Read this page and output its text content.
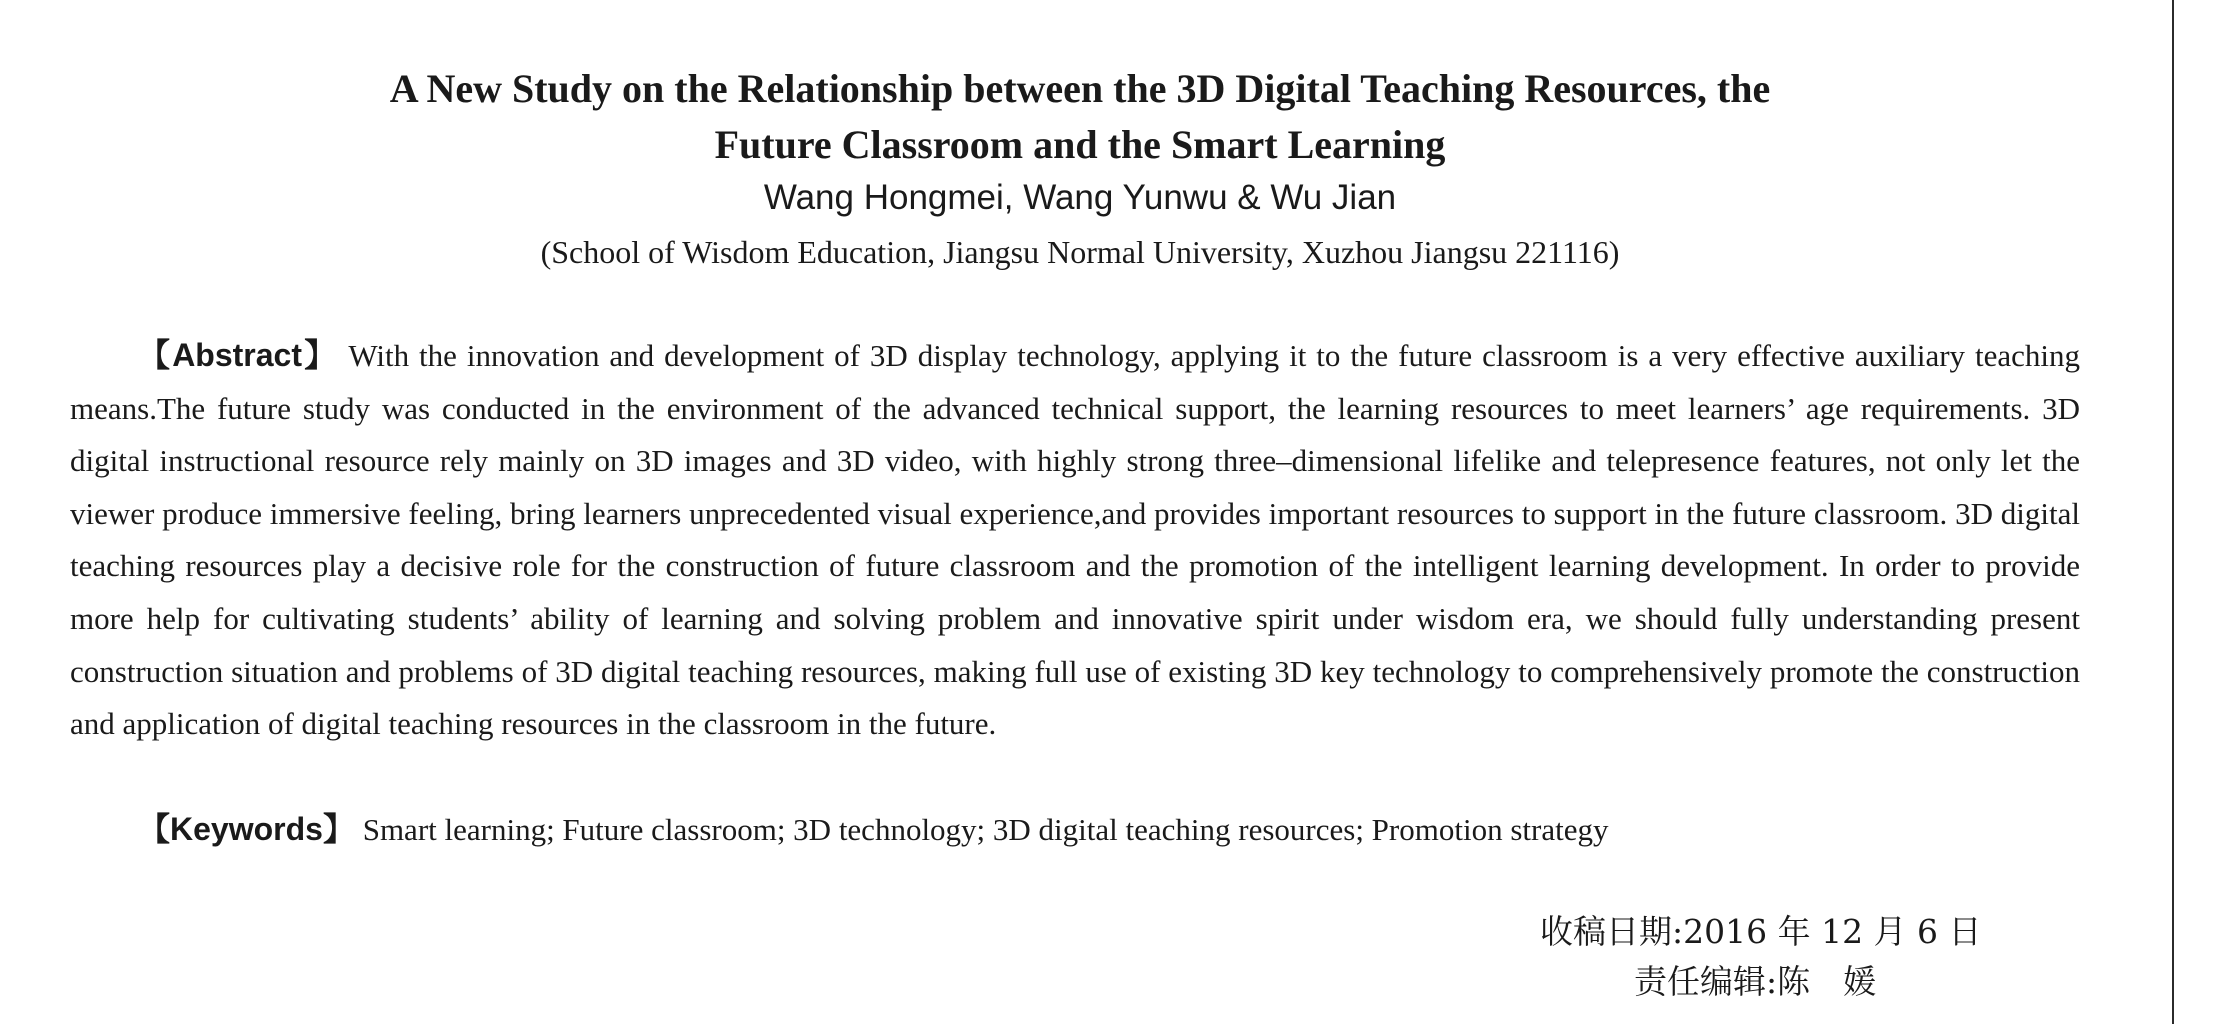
A New Study on the Relationship between the 3D Digital Teaching Resources, the
Future Classroom and the Smart Learning
Wang Hongmei, Wang Yunwu & Wu Jian
(School of Wisdom Education, Jiangsu Normal University, Xuzhou Jiangsu 221116)

【Abstract】 With the innovation and development of 3D display technology, applying it to the future classroom is a very effective auxiliary teaching means.The future study was conducted in the environment of the advanced technical support, the learning resources to meet learners’ age requirements. 3D digital instructional resource rely mainly on 3D images and 3D video, with highly strong three–dimensional lifelike and telepresence features, not only let the viewer produce immersive feeling, bring learners unprecedented visual experience,and provides important resources to support in the future classroom. 3D digital teaching resources play a decisive role for the construction of future classroom and the promotion of the intelligent learning development. In order to provide more help for cultivating students’ ability of learning and solving problem and innovative spirit under wisdom era, we should fully understanding present construction situation and problems of 3D digital teaching resources, making full use of existing 3D key technology to comprehensively promote the construction and application of digital teaching resources in the classroom in the future.

【Keywords】 Smart learning; Future classroom; 3D technology; 3D digital teaching resources; Promotion strategy

收稿日期:2016 年 12 月 6 日
责任编辑:陈　媛
